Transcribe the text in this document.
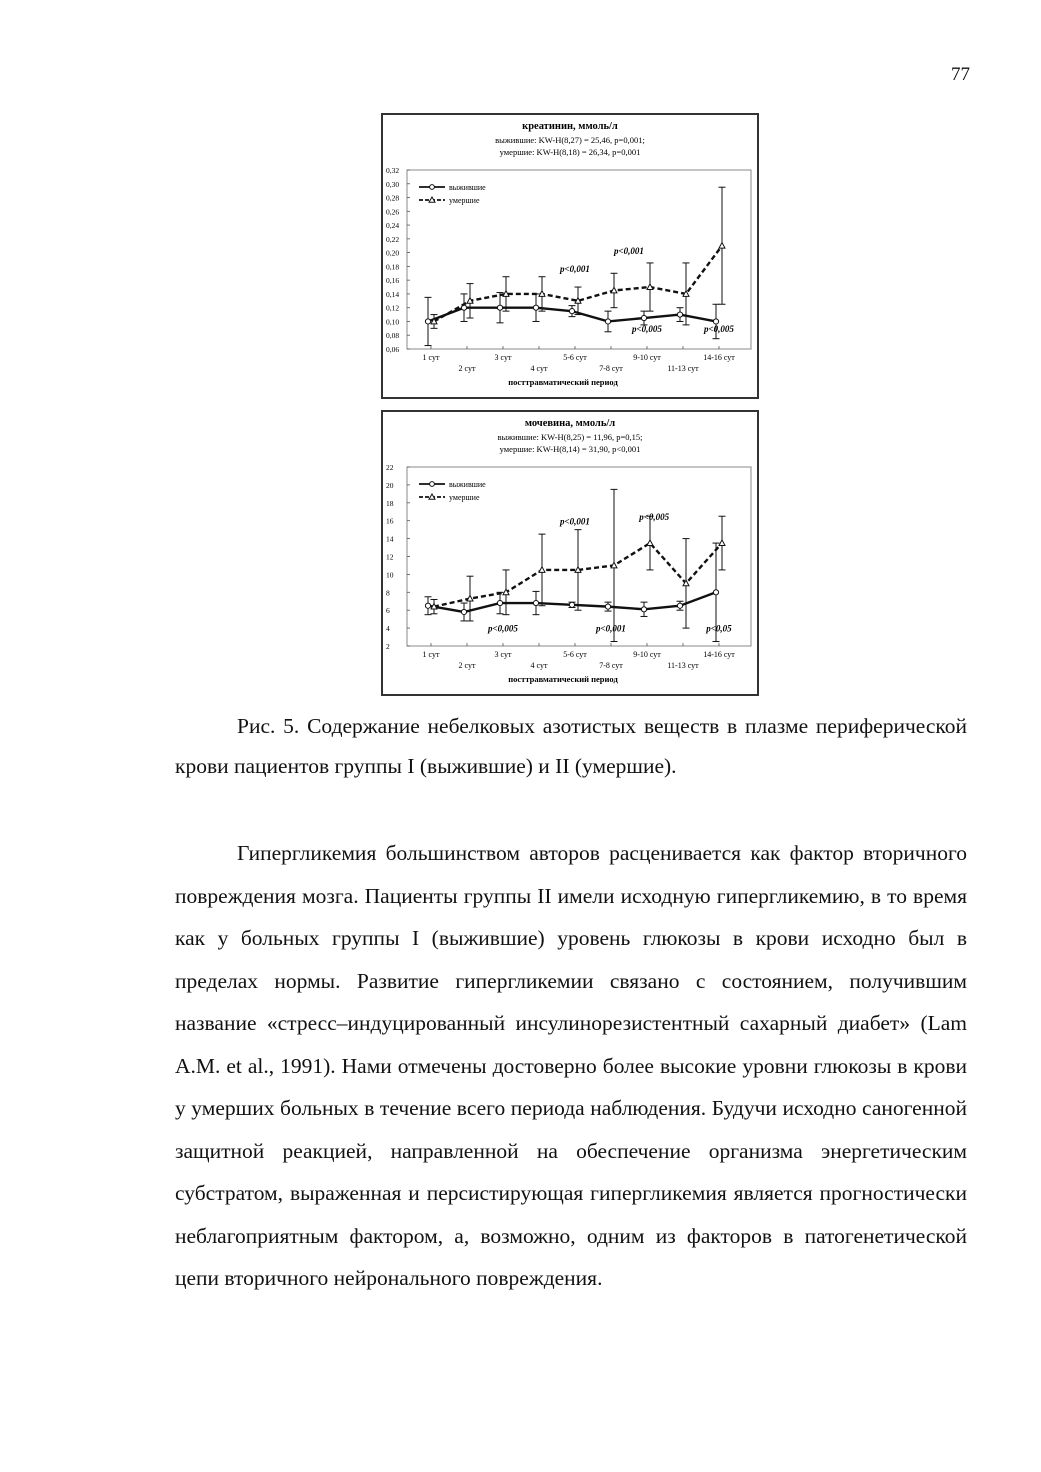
77
креатинин, ммоль/л
выжившие: KW-H(8,27) = 25,46, p=0,001;
умершие: KW-H(8,18) = 26,34, p=0,001
0,06
0,08
0,10
0,12
0,14
0,16
0,18
0,20
0,22
0,24
0,26
0,28
0,30
0,32
1 сут
2 сут
3 сут
4 сут
5-6 сут
7-8 сут
9-10 сут
11-13 сут
14-16 сут
посттравматический период
выжившие
умершие
p<0,001
p<0,001
p<0,005	p<0,005
мочевина, ммоль/л
выжившие: KW-H(8,25) = 11,96, p=0,15;
умершие: KW-H(8,14) = 31,90, p<0,001
2
4
6
8
10
12
14
16
18
20
22
1 сут
2 сут
3 сут
4 сут
5-6 сут
7-8 сут
9-10 сут
11-13 сут
14-16 сут
посттравматический период
выжившие
умершие
p<0,001	p<0,005
p<0,005	p<0,001	p<0,05

Рис. 5. Содержание небелковых азотистых веществ в плазме периферической крови пациентов группы I (выжившие) и II (умершие).

Гипергликемия большинством авторов расценивается как фактор вторичного повреждения мозга. Пациенты группы II имели исходную гипергликемию, в то время как у больных группы I (выжившие) уровень глюкозы в крови исходно был в пределах нормы. Развитие гипергликемии связано с состоянием, получившим название «стресс–индуцированный инсулинорезистентный сахарный диабет» (Lam A.M. et al., 1991). Нами отмечены достоверно более высокие уровни глюкозы в крови у умерших больных в течение всего периода наблюдения. Будучи исходно саногенной защитной реакцией, направленной на обеспечение организма энергетическим субстратом, выраженная и персистирующая гипергликемия является прогностически неблагоприятным фактором, а, возможно, одним из факторов в патогенетической цепи вторичного нейронального повреждения.
